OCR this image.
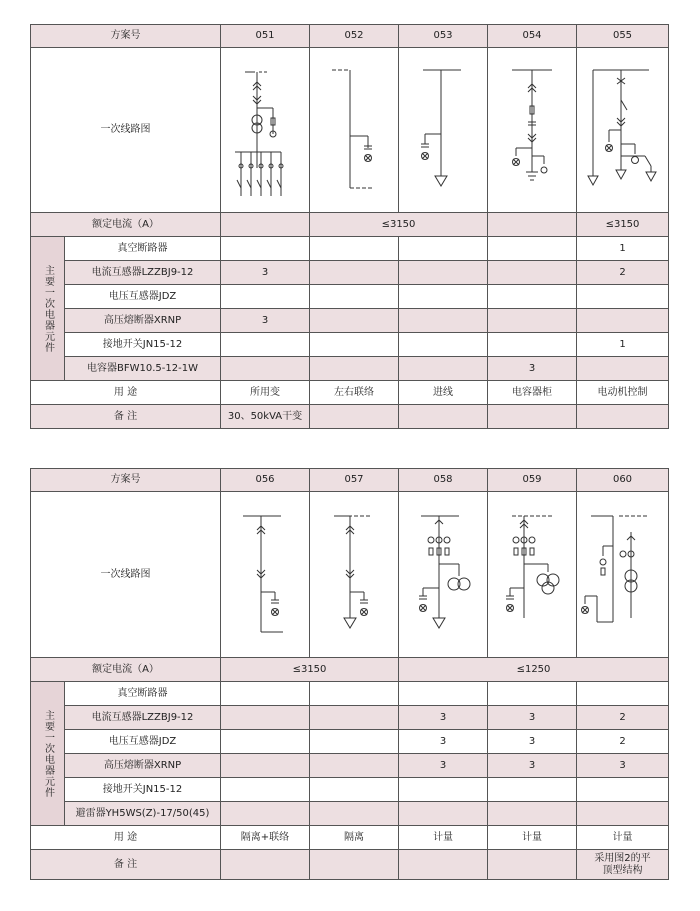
方案号		051	052	053	054	055
一次线路图	

额定电流（A）			≤3150			≤3150
主要一次电器元件	真空断路器					1
	电流互感器LZZBJ9-12	3				2
	电压互感器JDZ					
	高压熔断器XRNP	3				
	接地开关JN15-12					1
	电容器BFW10.5-12-1W				3	
用 途		所用变	左右联络	进线	电容器柜	电动机控制
备 注		30、50kVA干变				
方案号		056	057	058	059	060
一次线路图	

额定电流（A）		≤3150		≤1250		
主要一次电器元件	真空断路器					
	电流互感器LZZBJ9-12			3	3	2
	电压互感器JDZ			3	3	2
	高压熔断器XRNP			3	3	3
	接地开关JN15-12					
	避雷器YH5WS(Z)-17/50(45)					
用 途		隔离+联络	隔离	计量	计量	计量
备 注						采用图2的平顶型结构
